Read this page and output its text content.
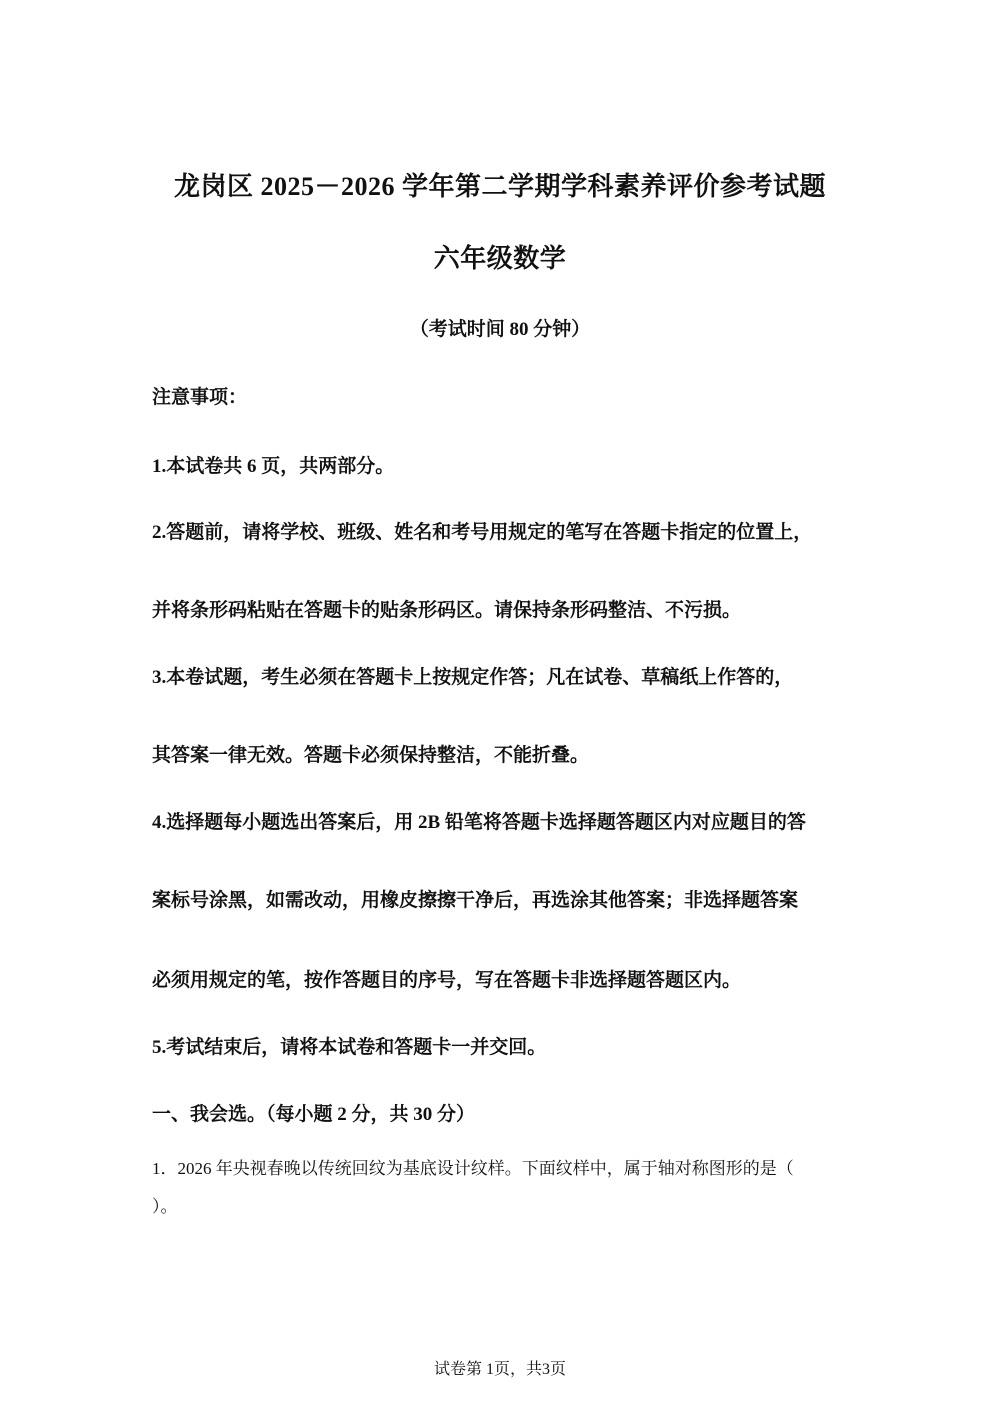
龙岗区 2025－2026 学年第二学期学科素养评价参考试题
六年级数学
（考试时间 80 分钟）
注意事项：
1.本试卷共 6 页，共两部分。
2.答题前，请将学校、班级、姓名和考号用规定的笔写在答题卡指定的位置上，
并将条形码粘贴在答题卡的贴条形码区。请保持条形码整洁、不污损。
3.本卷试题，考生必须在答题卡上按规定作答；凡在试卷、草稿纸上作答的，
其答案一律无效。答题卡必须保持整洁，不能折叠。
4.选择题每小题选出答案后，用 2B 铅笔将答题卡选择题答题区内对应题目的答
案标号涂黑，如需改动，用橡皮擦擦干净后，再选涂其他答案；非选择题答案
必须用规定的笔，按作答题目的序号，写在答题卡非选择题答题区内。
5.考试结束后，请将本试卷和答题卡一并交回。
一、我会选。（每小题 2 分，共 30 分）
1．2026 年央视春晚以传统回纹为基底设计纹样。下面纹样中，属于轴对称图形的是（
）。
试卷第 1页，共3页
